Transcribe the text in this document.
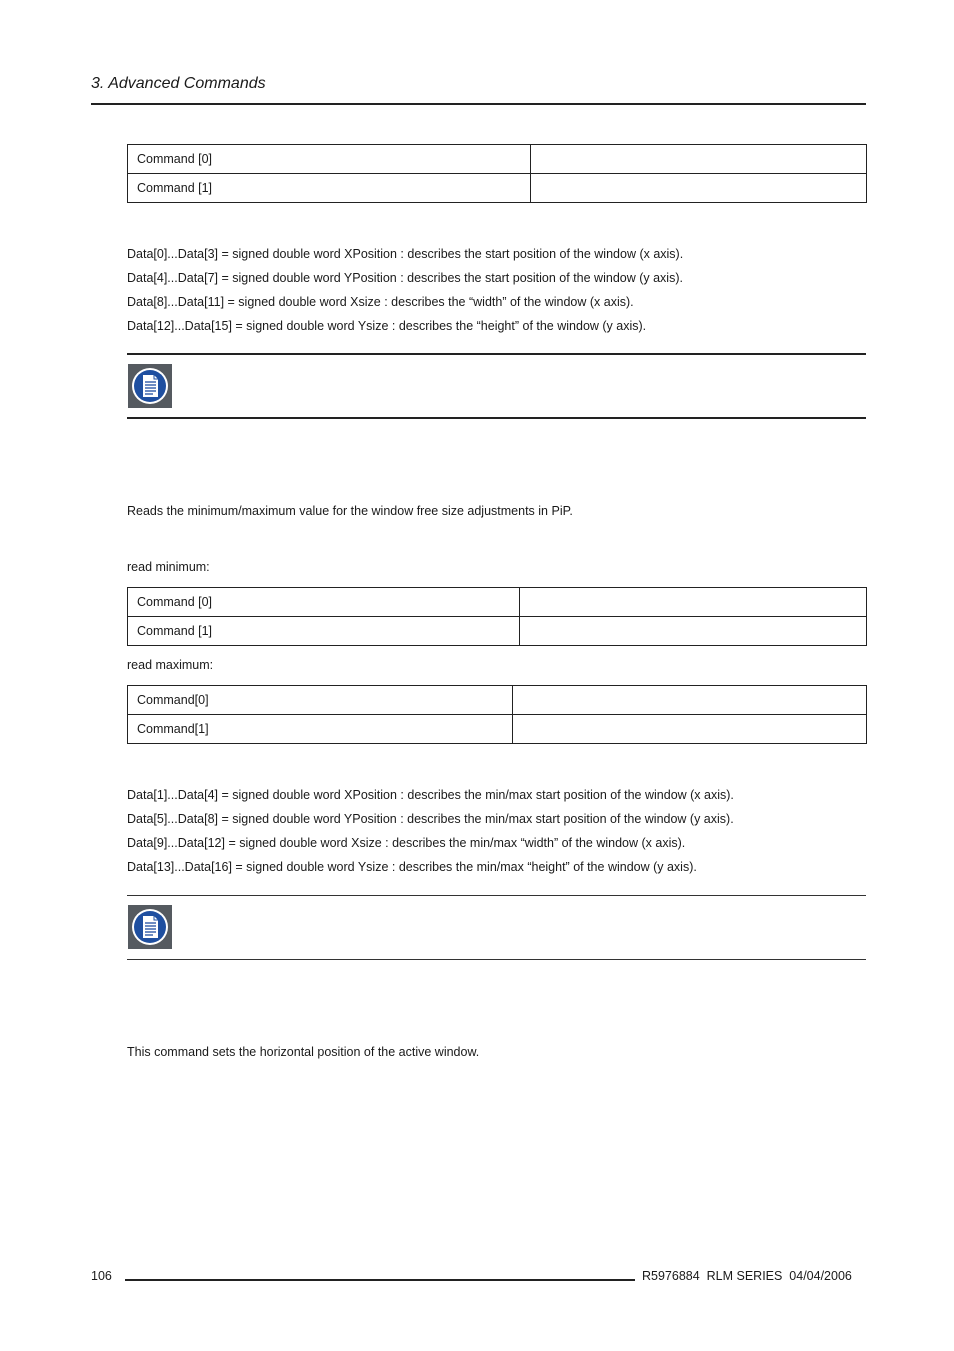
3. Advanced Commands
Command [0]	
Command [1]	
Data[0]...Data[3] = signed double word XPosition : describes the start position of the window (x axis).
Data[4]...Data[7] = signed double word YPosition : describes the start position of the window (y axis).
Data[8]...Data[11] = signed double word Xsize : describes the “width” of the window (x axis).
Data[12]...Data[15] = signed double word Ysize : describes the “height” of the window (y axis).
Reads the minimum/maximum value for the window free size adjustments in PiP.
read minimum:
Command [0]	
Command [1]	
read maximum:
Command[0]	
Command[1]	
Data[1]...Data[4] = signed double word XPosition : describes the min/max start position of the window (x axis).
Data[5]...Data[8] = signed double word YPosition : describes the min/max start position of the window (y axis).
Data[9]...Data[12] = signed double word Xsize : describes the min/max “width” of the window (x axis).
Data[13]...Data[16] = signed double word Ysize : describes the min/max “height” of the window (y axis).
This command sets the horizontal position of the active window.
106	R5976884  RLM SERIES  04/04/2006
